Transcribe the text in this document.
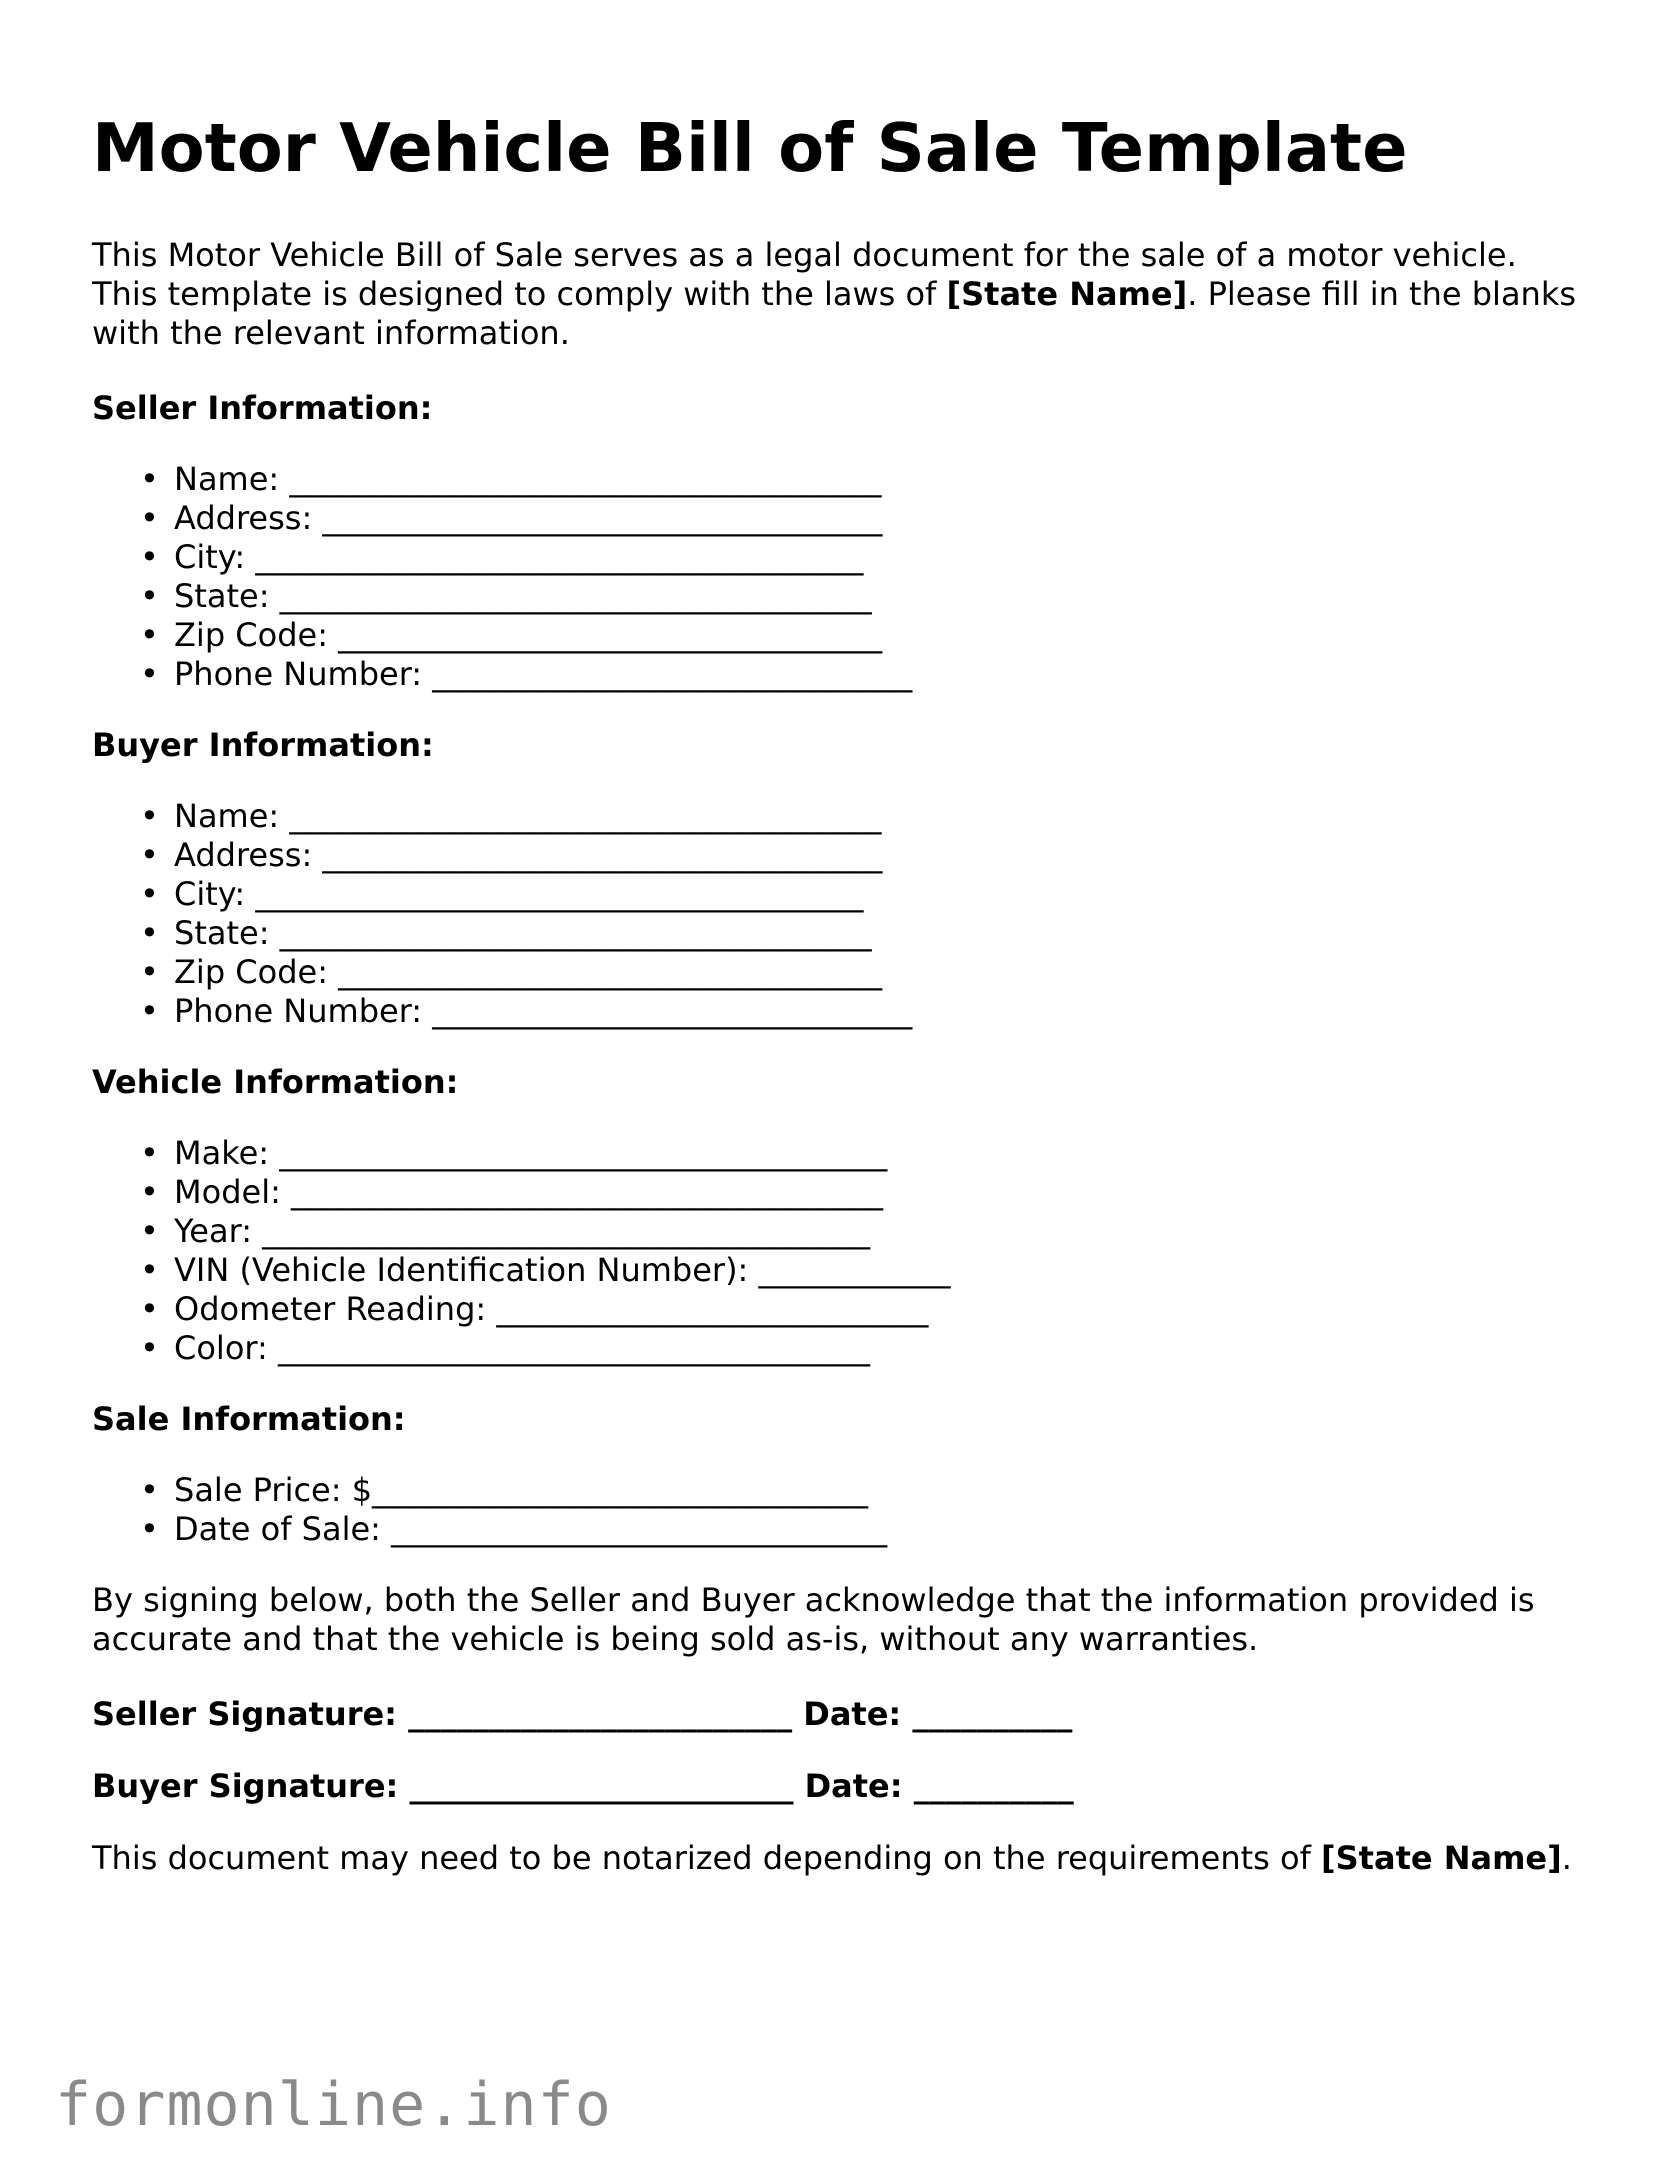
Motor Vehicle Bill of Sale Template

This Motor Vehicle Bill of Sale serves as a legal document for the sale of a motor vehicle. This template is designed to comply with the laws of [State Name]. Please fill in the blanks with the relevant information.

Seller Information:
• Name: _____________________________________
• Address: ___________________________________
• City: ______________________________________
• State: _____________________________________
• Zip Code: __________________________________
• Phone Number: ______________________________
Buyer Information:
• Name: _____________________________________
• Address: ___________________________________
• City: ______________________________________
• State: _____________________________________
• Zip Code: __________________________________
• Phone Number: ______________________________
Vehicle Information:
• Make: ______________________________________
• Model: _____________________________________
• Year: ______________________________________
• VIN (Vehicle Identification Number): ____________
• Odometer Reading: ___________________________
• Color: _____________________________________
Sale Information:
• Sale Price: $_______________________________
• Date of Sale: _______________________________

By signing below, both the Seller and Buyer acknowledge that the information provided is accurate and that the vehicle is being sold as-is, without any warranties.

Seller Signature: ________________________ Date: __________
Buyer Signature: ________________________ Date: __________

This document may need to be notarized depending on the requirements of [State Name].

formonline.info
